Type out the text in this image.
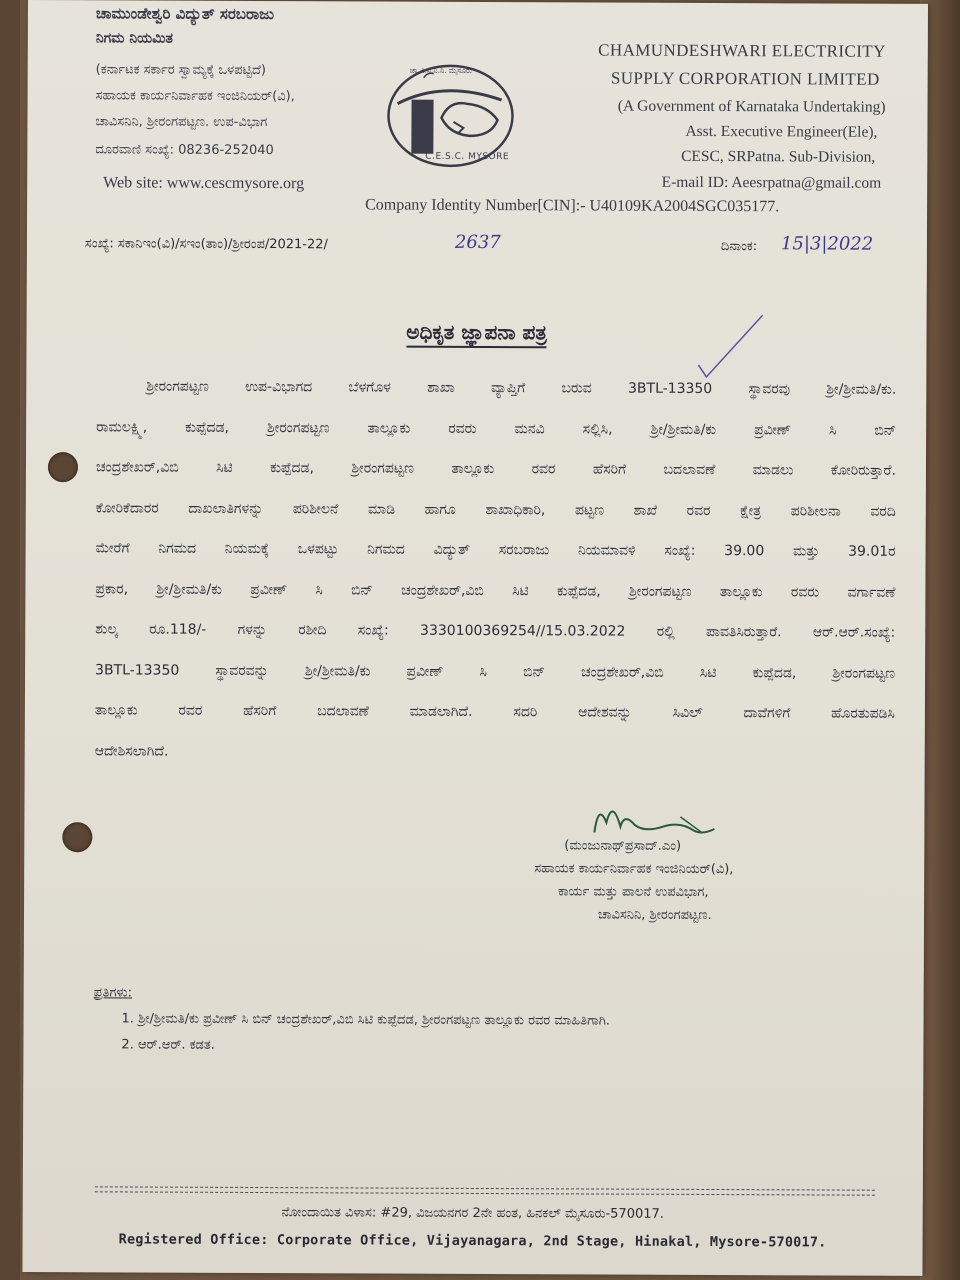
ಚಾಮುಂಡೇಶ್ವರಿ ವಿದ್ಯುತ್ ಸರಬರಾಜು
ನಿಗಮ ನಿಯಮಿತ
(ಕರ್ನಾಟಕ ಸರ್ಕಾರ ಸ್ವಾಮ್ಯಕ್ಕೆ ಒಳಪಟ್ಟಿದೆ)
ಸಹಾಯಕ ಕಾರ್ಯನಿರ್ವಾಹಕ ಇಂಜಿನಿಯರ್(ವಿ),
ಚಾವಿಸನಿನಿ, ಶ್ರೀರಂಗಪಟ್ಟಣ. ಉಪ-ವಿಭಾಗ
ದೂರವಾಣಿ ಸಂಖ್ಯೆ: 08236-252040
Web site: www.cescmysore.org
ಚಾ.ವಿ.ಸ.ನಿ.ನಿ. ಮೈಸೂರು
C.E.S.C. MYSORE
CHAMUNDESHWARI ELECTRICITY
SUPPLY CORPORATION LIMITED
(A Government of Karnataka Undertaking)
Asst. Executive Engineer(Ele),
CESC, SRPatna. Sub-Division,
E-mail ID: Aeesrpatna@gmail.com
Company Identity Number[CIN]:- U40109KA2004SGC035177.
ಸಂಖ್ಯೆ: ಸಕಾನಿಇಂ(ವಿ)/ಸಇಂ(ತಾಂ)/ಶ್ರೀರಂಪ/2021-22/	2637	ದಿನಾಂಕ: 15|3|2022
ಅಧಿಕೃತ ಜ್ಞಾಪನಾ ಪತ್ರ
ಶ್ರೀರಂಗಪಟ್ಟಣ ಉಪ-ವಿಭಾಗದ ಬೆಳಗೊಳ ಶಾಖಾ ವ್ಯಾಪ್ತಿಗೆ ಬರುವ 3BTL-13350 ಸ್ಥಾವರವು ಶ್ರೀ/ಶ್ರೀಮತಿ/ಕು.
ರಾಮಲಕ್ಷ್ಮಿ, ಕುಪ್ಪೆದಡ, ಶ್ರೀರಂಗಪಟ್ಟಣ ತಾಲ್ಲೂಕು ರವರು ಮನವಿ ಸಲ್ಲಿಸಿ, ಶ್ರೀ/ಶ್ರೀಮತಿ/ಕು ಪ್ರವೀಣ್ ಸಿ ಬಿನ್
ಚಂದ್ರಶೇಖರ್,ವಿಬಿ ಸಿಟಿ ಕುಪ್ಪೆದಡ, ಶ್ರೀರಂಗಪಟ್ಟಣ ತಾಲ್ಲೂಕು ರವರ ಹೆಸರಿಗೆ ಬದಲಾವಣೆ ಮಾಡಲು ಕೋರಿರುತ್ತಾರೆ.
ಕೋರಿಕೆದಾರರ ದಾಖಲಾತಿಗಳನ್ನು ಪರಿಶೀಲನೆ ಮಾಡಿ ಹಾಗೂ ಶಾಖಾಧಿಕಾರಿ, ಪಟ್ಟಣ ಶಾಖೆ ರವರ ಕ್ಷೇತ್ರ ಪರಿಶೀಲನಾ ವರದಿ
ಮೇರೆಗೆ ನಿಗಮದ ನಿಯಮಕ್ಕೆ ಒಳಪಟ್ಟು ನಿಗಮದ ವಿದ್ಯುತ್ ಸರಬರಾಜು ನಿಯಮಾವಳಿ ಸಂಖ್ಯೆ: 39.00 ಮತ್ತು 39.01ರ
ಪ್ರಕಾರ, ಶ್ರೀ/ಶ್ರೀಮತಿ/ಕು ಪ್ರವೀಣ್ ಸಿ ಬಿನ್ ಚಂದ್ರಶೇಖರ್,ವಿಬಿ ಸಿಟಿ ಕುಪ್ಪೆದಡ, ಶ್ರೀರಂಗಪಟ್ಟಣ ತಾಲ್ಲೂಕು ರವರು ವರ್ಗಾವಣೆ
ಶುಲ್ಕ ರೂ.118/- ಗಳನ್ನು ರಶೀದಿ ಸಂಖ್ಯೆ: 3330100369254//15.03.2022 ರಲ್ಲಿ ಪಾವತಿಸಿರುತ್ತಾರೆ. ಆರ್.ಆರ್.ಸಂಖ್ಯೆ:
3BTL-13350 ಸ್ಥಾವರವನ್ನು ಶ್ರೀ/ಶ್ರೀಮತಿ/ಕು ಪ್ರವೀಣ್ ಸಿ ಬಿನ್ ಚಂದ್ರಶೇಖರ್,ವಿಬಿ ಸಿಟಿ ಕುಪ್ಪೆದಡ, ಶ್ರೀರಂಗಪಟ್ಟಣ
ತಾಲ್ಲೂಕು ರವರ ಹೆಸರಿಗೆ ಬದಲಾವಣೆ ಮಾಡಲಾಗಿದೆ. ಸದರಿ ಆದೇಶವನ್ನು ಸಿವಿಲ್ ದಾವೆಗಳಿಗೆ ಹೊರತುಪಡಿಸಿ
ಆದೇಶಿಸಲಾಗಿದೆ.
(ಮಂಜುನಾಥ್‌ಪ್ರಸಾದ್.ಎಂ)
ಸಹಾಯಕ ಕಾರ್ಯನಿರ್ವಾಹಕ ಇಂಜಿನಿಯರ್(ವಿ),
ಕಾರ್ಯ ಮತ್ತು ಪಾಲನೆ ಉಪವಿಭಾಗ,
ಚಾವಿಸನಿನಿ, ಶ್ರೀರಂಗಪಟ್ಟಣ.
ಪ್ರತಿಗಳು:
1. ಶ್ರೀ/ಶ್ರೀಮತಿ/ಕು ಪ್ರವೀಣ್ ಸಿ ಬಿನ್ ಚಂದ್ರಶೇಖರ್,ವಿಬಿ ಸಿಟಿ ಕುಪ್ಪೆದಡ, ಶ್ರೀರಂಗಪಟ್ಟಣ ತಾಲ್ಲೂಕು ರವರ ಮಾಹಿತಿಗಾಗಿ.
2. ಆರ್.ಆರ್. ಕಡತ.
ನೋಂದಾಯಿತ ವಿಳಾಸ: #29, ವಿಜಯನಗರ 2ನೇ ಹಂತ, ಹಿನಕಲ್ ಮೈಸೂರು-570017.
Registered Office: Corporate Office, Vijayanagara, 2nd Stage, Hinakal, Mysore-570017.
